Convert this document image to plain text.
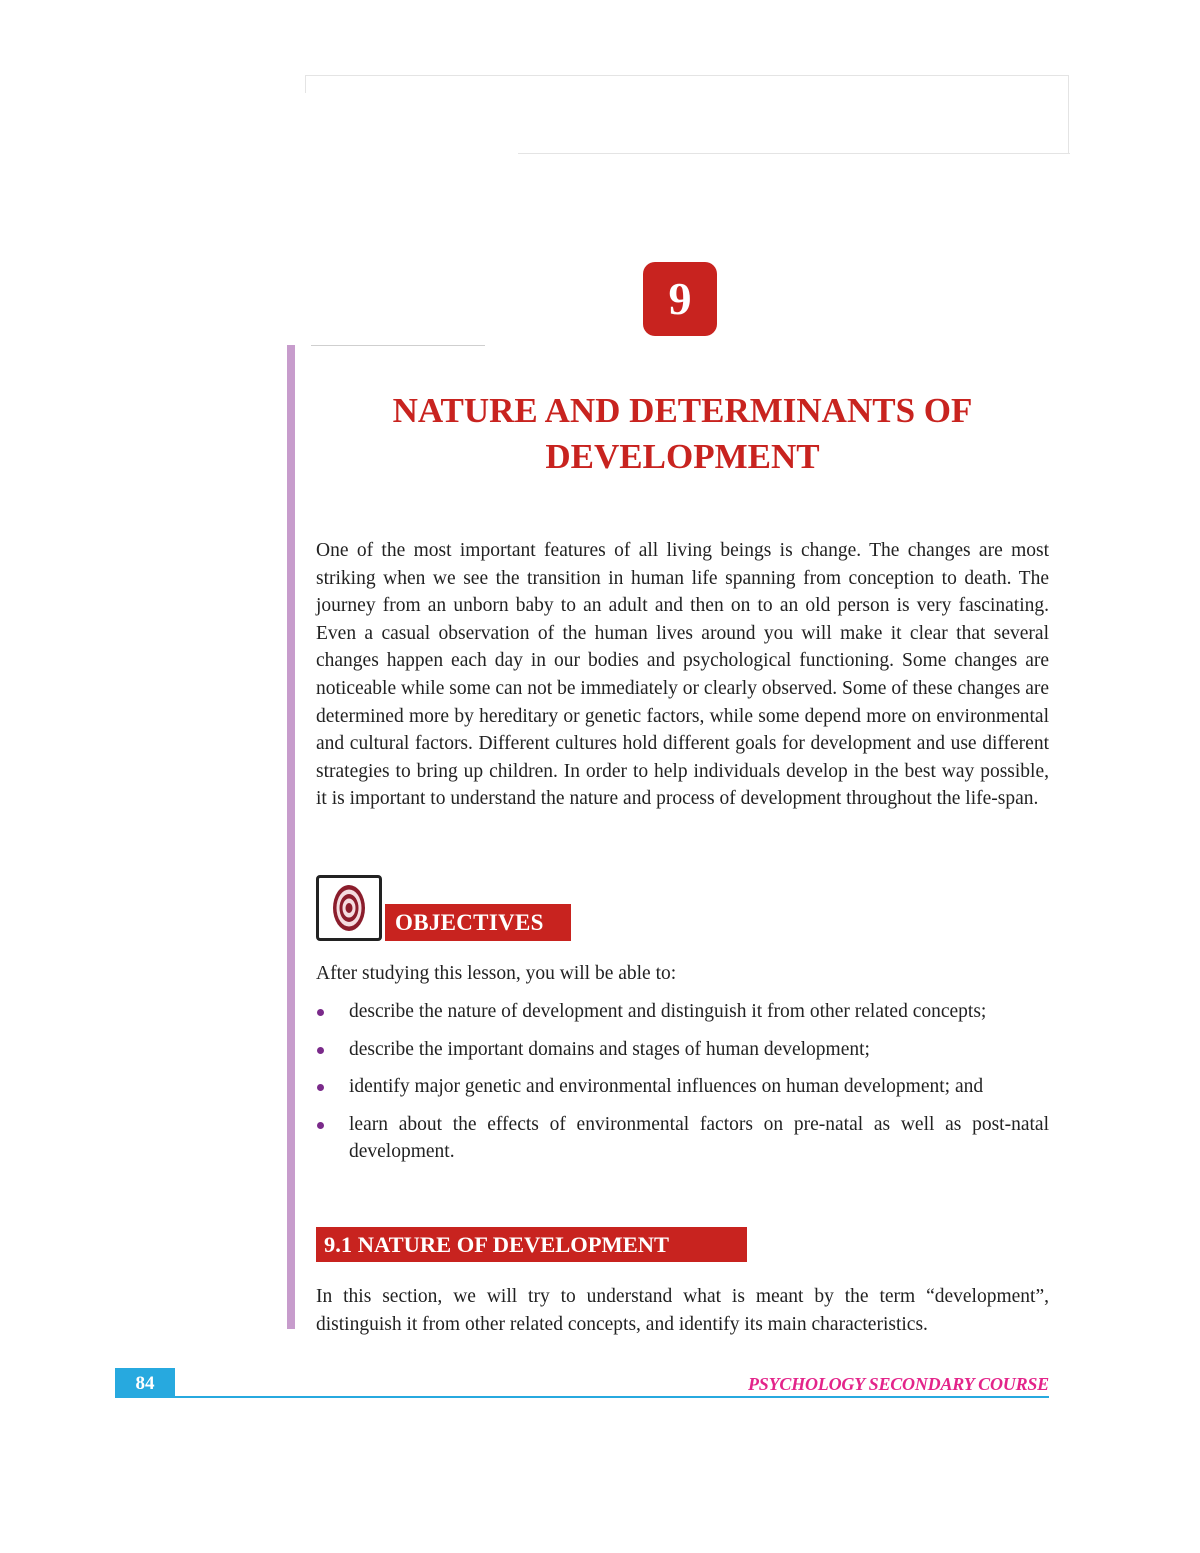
9
NATURE AND DETERMINANTS OF DEVELOPMENT

One of the most important features of all living beings is change. The changes are most striking when we see the transition in human life spanning from conception to death. The journey from an unborn baby to an adult and then on to an old person is very fascinating. Even a casual observation of the human lives around you will make it clear that several changes happen each day in our bodies and psychological functioning. Some changes are noticeable while some can not be immediately or clearly observed. Some of these changes are determined more by hereditary or genetic factors, while some depend more on environmental and cultural factors. Different cultures hold different goals for development and use different strategies to bring up children. In order to help individuals develop in the best way possible, it is important to understand the nature and process of development throughout the life-span.

OBJECTIVES

After studying this lesson, you will be able to:

describe the nature of development and distinguish it from other related concepts;
describe the important domains and stages of human development;
identify major genetic and environmental influences on human development; and
learn about the effects of environmental factors on pre-natal as well as post-natal development.
9.1 NATURE OF DEVELOPMENT

In this section, we will try to understand what is meant by the term “development”, distinguish it from other related concepts, and identify its main characteristics.

84	PSYCHOLOGY SECONDARY COURSE
